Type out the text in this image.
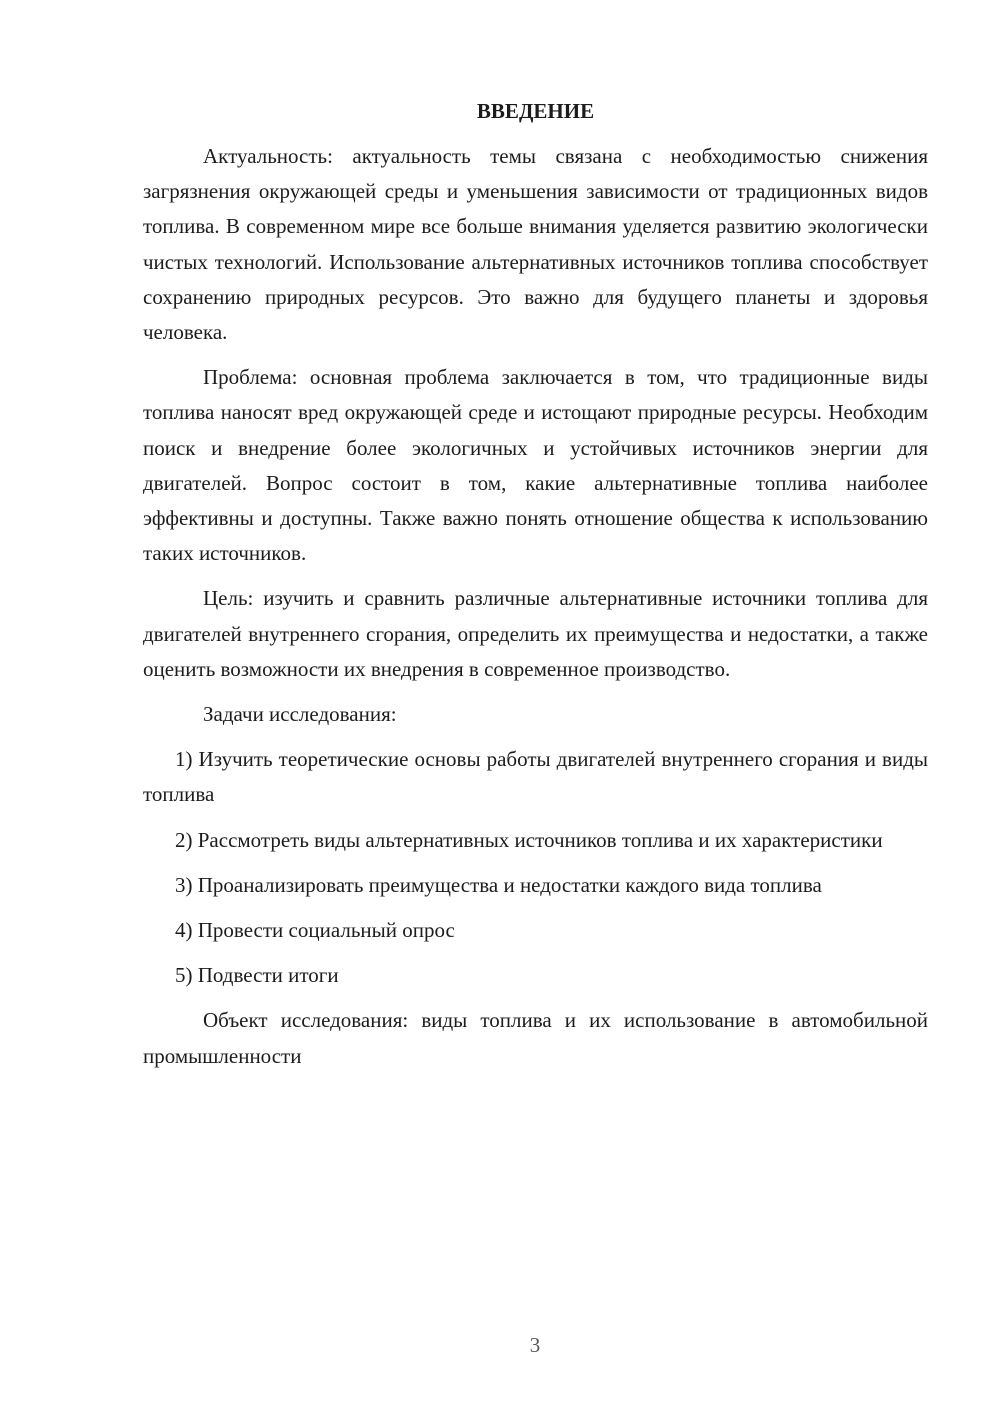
ВВЕДЕНИЕ

Актуальность: актуальность темы связана с необходимостью снижения загрязнения окружающей среды и уменьшения зависимости от традиционных видов топлива. В современном мире все больше внимания уделяется развитию экологически чистых технологий. Использование альтернативных источников топлива способствует сохранению природных ресурсов. Это важно для будущего планеты и здоровья человека.

Проблема: основная проблема заключается в том, что традиционные виды топлива наносят вред окружающей среде и истощают природные ресурсы. Необходим поиск и внедрение более экологичных и устойчивых источников энергии для двигателей. Вопрос состоит в том, какие альтернативные топлива наиболее эффективны и доступны. Также важно понять отношение общества к использованию таких источников.

Цель: изучить и сравнить различные альтернативные источники топлива для двигателей внутреннего сгорания, определить их преимущества и недостатки, а также оценить возможности их внедрения в современное производство.

Задачи исследования:

1) Изучить теоретические основы работы двигателей внутреннего сгорания и виды топлива

2) Рассмотреть виды альтернативных источников топлива и их характеристики

3) Проанализировать преимущества и недостатки каждого вида топлива

4) Провести социальный опрос

5) Подвести итоги

Объект исследования: виды топлива и их использование в автомобильной промышленности

3
